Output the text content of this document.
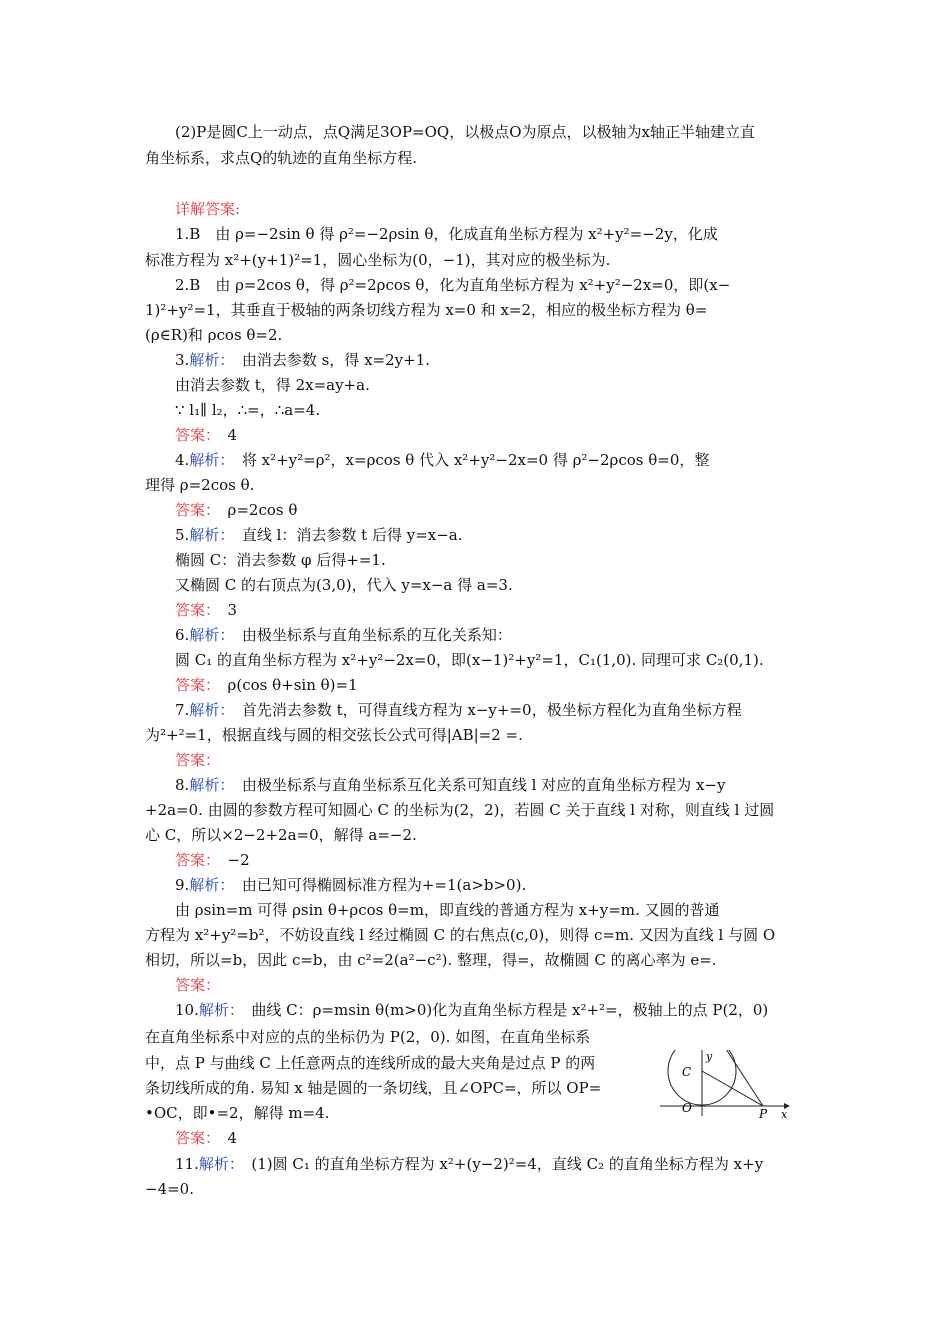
(2)P是圆C上一动点，点Q满足3OP=OQ，以极点O为原点，以极轴为x轴正半轴建立直
角坐标系，求点Q的轨迹的直角坐标方程.
详解答案:
1.B　由 ρ=−2sin θ 得 ρ²=−2ρsin θ，化成直角坐标方程为 x²+y²=−2y，化成
标准方程为 x²+(y+1)²=1，圆心坐标为(0，−1)，其对应的极坐标为.
2.B　由 ρ=2cos θ，得 ρ²=2ρcos θ，化为直角坐标方程为 x²+y²−2x=0，即(x−
1)²+y²=1，其垂直于极轴的两条切线方程为 x=0 和 x=2，相应的极坐标方程为 θ=
(ρ∈R)和 ρcos θ=2.
3.解析：　 由消去参数 s，得 x=2y+1.
由消去参数 t，得 2x=ay+a.
∵ l₁∥ l₂，∴=，∴a=4.
答案：　 4
4.解析：　 将 x²+y²=ρ²，x=ρcos θ 代入 x²+y²−2x=0 得 ρ²−2ρcos θ=0，整
理得 ρ=2cos θ.
答案：　 ρ=2cos θ
5.解析：　 直线 l：消去参数 t 后得 y=x−a.
椭圆 C：消去参数 φ 后得+=1.
又椭圆 C 的右顶点为(3,0)，代入 y=x−a 得 a=3.
答案：　 3
6.解析：　 由极坐标系与直角坐标系的互化关系知：
圆 C₁ 的直角坐标方程为 x²+y²−2x=0，即(x−1)²+y²=1，C₁(1,0). 同理可求 C₂(0,1).
答案：　 ρ(cos θ+sin θ)=1
7.解析：　 首先消去参数 t，可得直线方程为 x−y+=0，极坐标方程化为直角坐标方程
为²+²=1，根据直线与圆的相交弦长公式可得|AB|=2 =.
答案：
8.解析：　 由极坐标系与直角坐标系互化关系可知直线 l 对应的直角坐标方程为 x−y
+2a=0. 由圆的参数方程可知圆心 C 的坐标为(2，2)，若圆 C 关于直线 l 对称，则直线 l 过圆
心 C，所以×2−2+2a=0，解得 a=−2.
答案：　 −2
9.解析：　 由已知可得椭圆标准方程为+=1(a>b>0).
由 ρsin=m 可得 ρsin θ+ρcos θ=m，即直线的普通方程为 x+y=m. 又圆的普通
方程为 x²+y²=b²，不妨设直线 l 经过椭圆 C 的右焦点(c,0)，则得 c=m. 又因为直线 l 与圆 O
相切，所以=b，因此 c=b，由 c²=2(a²−c²). 整理，得=，故椭圆 C 的离心率为 e=.
答案：
10.解析：　 曲线 C：ρ=msin θ(m>0)化为直角坐标方程是 x²+²=，极轴上的点 P(2，0)
在直角坐标系中对应的点的坐标仍为 P(2，0). 如图，在直角坐标系
中，点 P 与曲线 C 上任意两点的连线所成的最大夹角是过点 P 的两
条切线所成的角. 易知 x 轴是圆的一条切线，且∠OPC=，所以 OP=
•OC，即•=2，解得 m=4.
答案：　 4
11.解析：　 (1)圆 C₁ 的直角坐标方程为 x²+(y−2)²=4，直线 C₂ 的直角坐标方程为 x+y
−4=0.
y
C
O	P x
